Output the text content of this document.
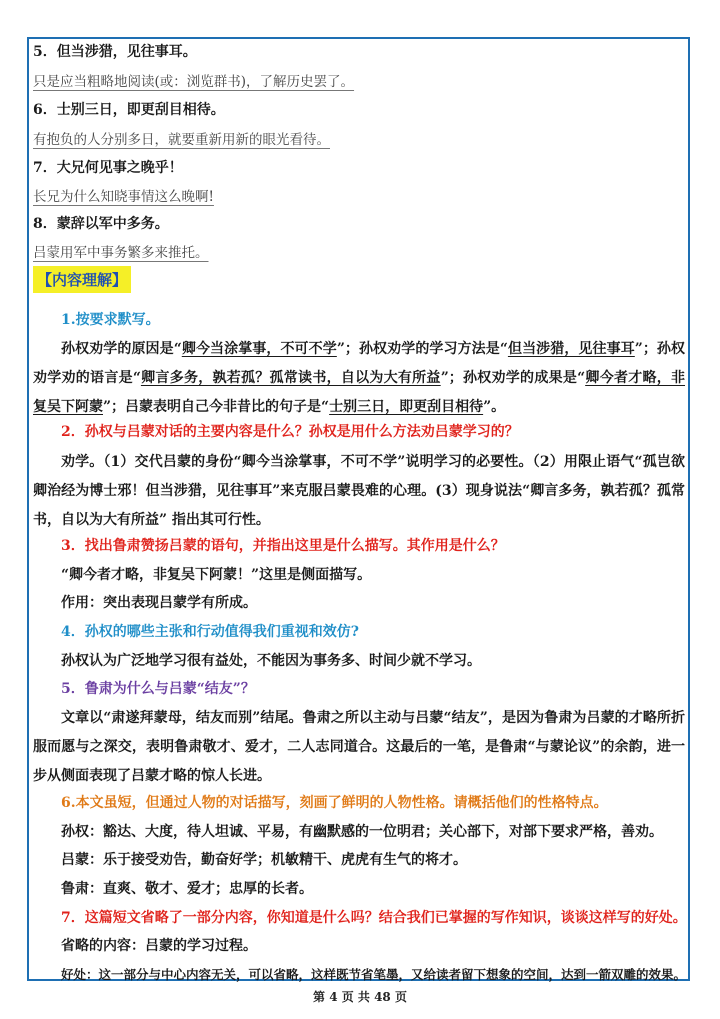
5．但当涉猎，见往事耳。
只是应当粗略地阅读(或：浏览群书)，了解历史罢了。
6．士别三日，即更刮目相待。
有抱负的人分别多日，就要重新用新的眼光看待。
7．大兄何见事之晚乎！
长兄为什么知晓事情这么晚啊!
8．蒙辞以军中多务。
吕蒙用军中事务繁多来推托。
【内容理解】
1.按要求默写。
孙权劝学的原因是“卿今当涂掌事，不可不学”；孙权劝学的学习方法是“但当涉猎，见往事耳”；孙权劝学劝的语言是“卿言多务，孰若孤？孤常读书，自以为大有所益”；孙权劝学的成果是“卿今者才略，非复吴下阿蒙”；吕蒙表明自己今非昔比的句子是“士别三日，即更刮目相待”。
2．孙权与吕蒙对话的主要内容是什么？孙权是用什么方法劝吕蒙学习的？
劝学。（1）交代吕蒙的身份“卿今当涂掌事，不可不学”说明学习的必要性。（2）用限止语气“孤岂欲卿治经为博士邪！但当涉猎，见往事耳”来克服吕蒙畏难的心理。(3）现身说法“卿言多务，孰若孤？孤常书，自以为大有所益” 指出其可行性。
3．找出鲁肃赞扬吕蒙的语句，并指出这里是什么描写。其作用是什么？
“卿今者才略，非复吴下阿蒙！”这里是侧面描写。
作用：突出表现吕蒙学有所成。
4．孙权的哪些主张和行动值得我们重视和效仿?
孙权认为广泛地学习很有益处，不能因为事务多、时间少就不学习。
5．鲁肃为什么与吕蒙“结友”？
文章以“肃遂拜蒙母，结友而别”结尾。鲁肃之所以主动与吕蒙“结友”，是因为鲁肃为吕蒙的才略所折服而愿与之深交，表明鲁肃敬才、爱才，二人志同道合。这最后的一笔，是鲁肃“与蒙论议”的余韵，进一步从侧面表现了吕蒙才略的惊人长进。
6.本文虽短，但通过人物的对话描写，刻画了鲜明的人物性格。请概括他们的性格特点。
孙权：豁达、大度，待人坦诚、平易，有幽默感的一位明君；关心部下，对部下要求严格，善劝。
吕蒙：乐于接受劝告，勤奋好学；机敏精干、虎虎有生气的将才。
鲁肃：直爽、敬才、爱才；忠厚的长者。
7．这篇短文省略了一部分内容，你知道是什么吗？结合我们已掌握的写作知识，谈谈这样写的好处。
省略的内容：吕蒙的学习过程。
好处：这一部分与中心内容无关，可以省略，这样既节省笔墨，又给读者留下想象的空间，达到一箭双雕的效果。
第 4 页 共 48 页
